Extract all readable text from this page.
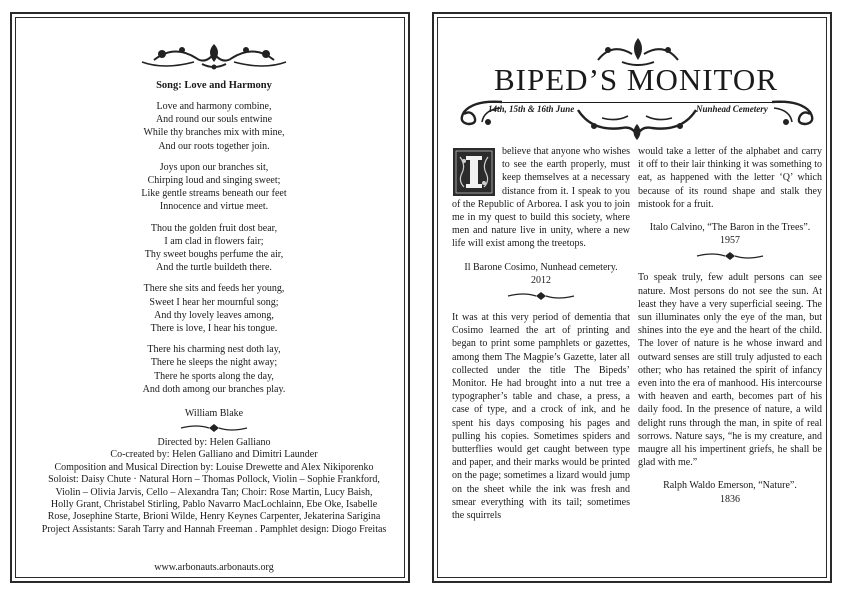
Song: Love and Harmony
Love and harmony combine,
And round our souls entwine
While thy branches mix with mine,
And our roots together join.
Joys upon our branches sit,
Chirping loud and singing sweet;
Like gentle streams beneath our feet
Innocence and virtue meet.
Thou the golden fruit dost bear,
I am clad in flowers fair;
Thy sweet boughs perfume the air,
And the turtle buildeth there.
There she sits and feeds her young,
Sweet I hear her mournful song;
And thy lovely leaves among,
There is love, I hear his tongue.
There his charming nest doth lay,
There he sleeps the night away;
There he sports along the day,
And doth among our branches play.
William Blake
Directed by: Helen Galliano
Co-created by: Helen Galliano and Dimitri Launder
Composition and Musical Direction by: Louise Drewette and Alex Nikiporenko
Soloist: Daisy Chute · Natural Horn – Thomas Pollock, Violin – Sophie Frankford,
Violin – Olivia Jarvis, Cello – Alexandra Tan; Choir: Rose Martin, Lucy Baish,
Holly Grant, Christabel Stirling, Pablo Navarro MacLochlainn, Ebe Oke, Isabelle
Rose, Josephine Starte, Brioni Wilde, Henry Keynes Carpenter, Jekaterina Sarigina
Project Assistants: Sarah Tarry and Hannah Freeman . Pamphlet design: Diogo Freitas
www.arbonauts.arbonauts.org
BIPED’S MONITOR
14th, 15th & 16th June	Nunhead Cemetery

believe that anyone who wishes to see the earth properly, must keep themselves at a necessary distance from it. I speak to you of the Republic of Arborea. I ask you to join me in my quest to build this society, where men and nature live in unity, where a new life will exist among the treetops.

Il Barone Cosimo, Nunhead cemetery.

2012

It was at this very period of dementia that Cosimo learned the art of printing and began to print some pamphlets or gazettes, among them The Magpie’s Gazette, later all collected under the title The Bipeds’ Monitor. He had brought into a nut tree a typographer’s table and chase, a press, a case of type, and a crock of ink, and he spent his days composing his pages and pulling his copies. Sometimes spiders and butterflies would get caught between type and paper, and their marks would be printed on the page; sometimes a lizard would jump on the sheet while the ink was fresh and smear everything with its tail; sometimes the squirrels

would take a letter of the alphabet and carry it off to their lair thinking it was something to eat, as happened with the letter ‘Q’ which because of its round shape and stalk they mistook for a fruit.

Italo Calvino, “The Baron in the Trees”.

1957

To speak truly, few adult persons can see nature. Most persons do not see the sun. At least they have a very superficial seeing. The sun illuminates only the eye of the man, but shines into the eye and the heart of the child. The lover of nature is he whose inward and outward senses are still truly adjusted to each other; who has retained the spirit of infancy even into the era of manhood. His intercourse with heaven and earth, becomes part of his daily food. In the presence of nature, a wild delight runs through the man, in spite of real sorrows. Nature says, “he is my creature, and maugre all his impertinent griefs, he shall be glad with me.”

Ralph Waldo Emerson, “Nature”.

1836
